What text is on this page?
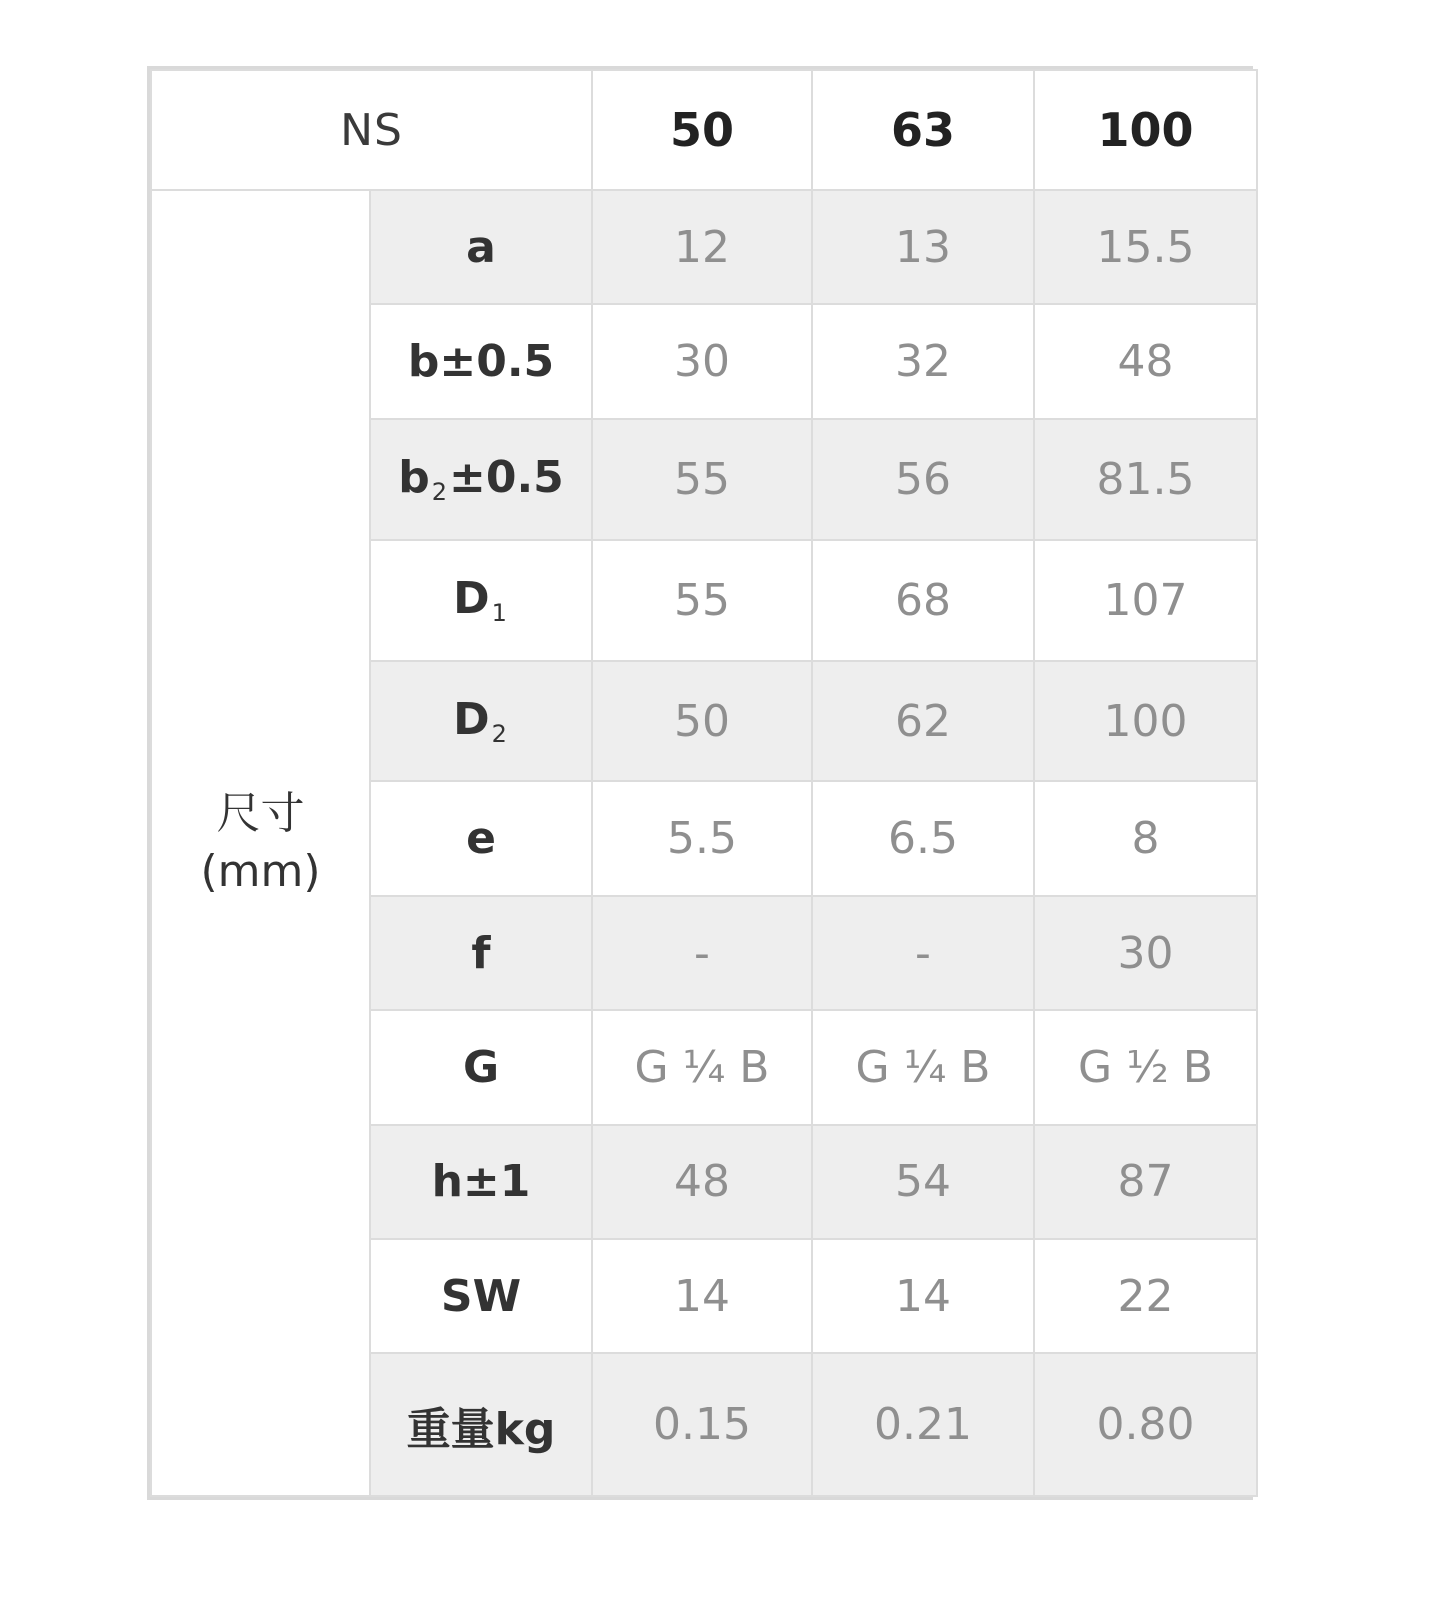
NS		50	63	100

尺寸
(mm)	a	12	13	15.5
	b±0.5	30	32	48
	$b_2\pm 0.5$	55	56	81.5
	$D_1$	55	68	107
	$D_2$	50	62	100
	e	5.5	6.5	8
	f	-	-	30
	G	G ¼ B	G ¼ B	G ½ B
	h±1	48	54	87
	SW	14	14	22
	重量kg	0.15	0.21	0.80
